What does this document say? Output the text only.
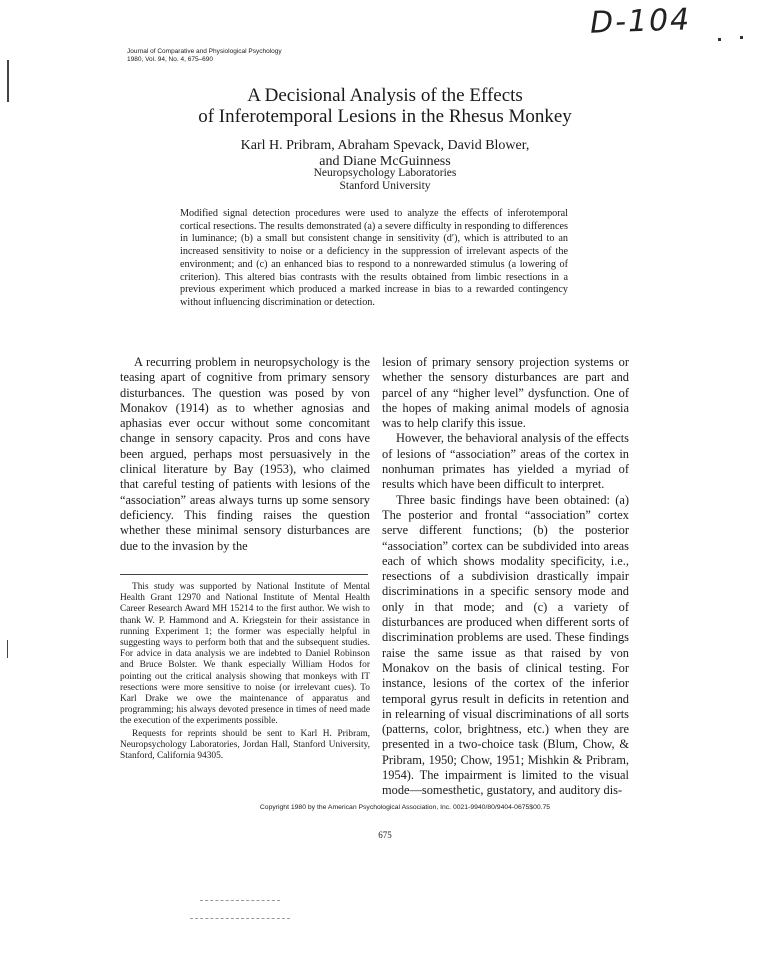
D-104
Journal of Comparative and Physiological Psychology
1980, Vol. 94, No. 4, 675–690
A Decisional Analysis of the Effects
of Inferotemporal Lesions in the Rhesus Monkey
Karl H. Pribram, Abraham Spevack, David Blower,
and Diane McGuinness
Neuropsychology Laboratories
Stanford University
Modified signal detection procedures were used to analyze the effects of inferotemporal cortical resections. The results demonstrated (a) a severe difficulty in responding to differences in luminance; (b) a small but consistent change in sensitivity (d′), which is attributed to an increased sensitivity to noise or a deficiency in the suppression of irrelevant aspects of the environment; and (c) an enhanced bias to respond to a nonrewarded stimulus (a lowering of criterion). This altered bias contrasts with the results obtained from limbic resections in a previous experiment which produced a marked increase in bias to a rewarded contingency without influencing discrimination or detection.

A recurring problem in neuropsychology is the teasing apart of cognitive from primary sensory disturbances. The question was posed by von Monakov (1914) as to whether agnosias and aphasias ever occur without some concomitant change in sensory capacity. Pros and cons have been argued, perhaps most persuasively in the clinical literature by Bay (1953), who claimed that careful testing of patients with lesions of the “association” areas always turns up some sensory deficiency. This finding raises the question whether these minimal sensory disturbances are due to the invasion by the

lesion of primary sensory projection systems or whether the sensory disturbances are part and parcel of any “higher level” dysfunction. One of the hopes of making animal models of agnosia was to help clarify this issue.

However, the behavioral analysis of the effects of lesions of “association” areas of the cortex in nonhuman primates has yielded a myriad of results which have been difficult to interpret.

Three basic findings have been obtained: (a) The posterior and frontal “association” cortex serve different functions; (b) the posterior “association” cortex can be subdivided into areas each of which shows modality specificity, i.e., resections of a subdivision drastically impair discriminations in a specific sensory mode and only in that mode; and (c) a variety of disturbances are produced when different sorts of discrimination problems are used. These findings raise the same issue as that raised by von Monakov on the basis of clinical testing. For instance, lesions of the cortex of the inferior temporal gyrus result in deficits in retention and in relearning of visual discriminations of all sorts (patterns, color, brightness, etc.) when they are presented in a two-choice task (Blum, Chow, & Pribram, 1950; Chow, 1951; Mishkin & Pribram, 1954). The impairment is limited to the visual mode—somesthetic, gustatory, and auditory dis-

This study was supported by National Institute of Mental Health Grant 12970 and National Institute of Mental Health Career Research Award MH 15214 to the first author. We wish to thank W. P. Hammond and A. Kriegstein for their assistance in running Experiment 1; the former was especially helpful in suggesting ways to perform both that and the subsequent studies. For advice in data analysis we are indebted to Daniel Robinson and Bruce Bolster. We thank especially William Hodos for pointing out the critical analysis showing that monkeys with IT resections were more sensitive to noise (or irrelevant cues). To Karl Drake we owe the maintenance of apparatus and programming; his always devoted presence in times of need made the execution of the experiments possible.

Requests for reprints should be sent to Karl H. Pribram, Neuropsychology Laboratories, Jordan Hall, Stanford University, Stanford, California 94305.

Copyright 1980 by the American Psychological Association, Inc. 0021-9940/80/9404-0675$00.75
675
